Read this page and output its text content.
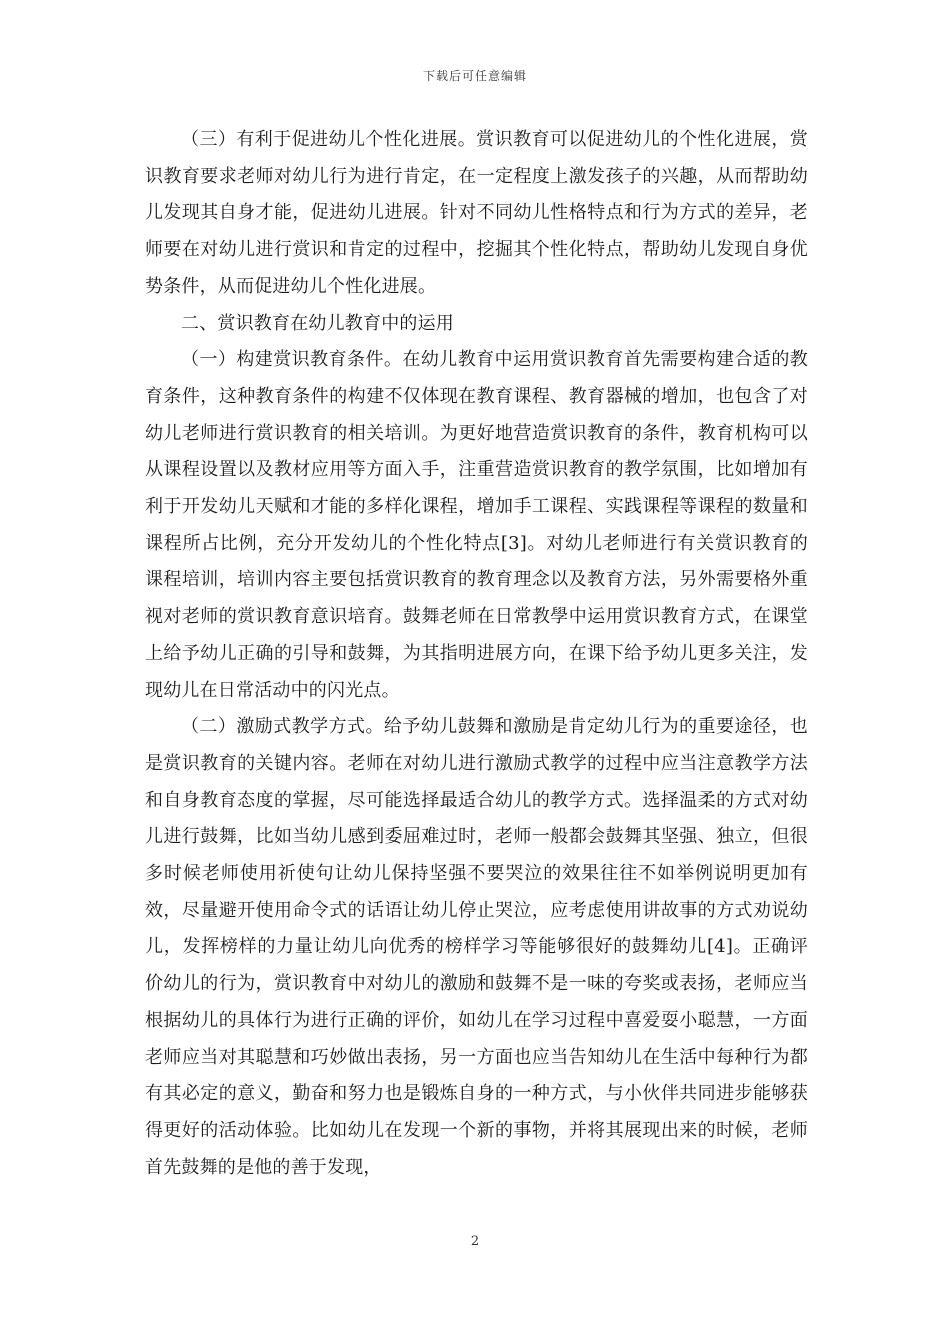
下载后可任意编辑

（三）有利于促进幼儿个性化进展。赏识教育可以促进幼儿的个性化进展，赏识教育要求老师对幼儿行为进行肯定，在一定程度上激发孩子的兴趣，从而帮助幼儿发现其自身才能，促进幼儿进展。针对不同幼儿性格特点和行为方式的差异，老师要在对幼儿进行赏识和肯定的过程中，挖掘其个性化特点，帮助幼儿发现自身优势条件，从而促进幼儿个性化进展。

二、赏识教育在幼儿教育中的运用

（一）构建赏识教育条件。在幼儿教育中运用赏识教育首先需要构建合适的教育条件，这种教育条件的构建不仅体现在教育课程、教育器械的增加，也包含了对幼儿老师进行赏识教育的相关培训。为更好地营造赏识教育的条件，教育机构可以从课程设置以及教材应用等方面入手，注重营造赏识教育的教学氛围，比如增加有利于开发幼儿天赋和才能的多样化课程，增加手工课程、实践课程等课程的数量和课程所占比例，充分开发幼儿的个性化特点[3]。对幼儿老师进行有关赏识教育的课程培训，培训内容主要包括赏识教育的教育理念以及教育方法，另外需要格外重视对老师的赏识教育意识培育。鼓舞老师在日常教學中运用赏识教育方式，在课堂上给予幼儿正确的引导和鼓舞，为其指明进展方向，在课下给予幼儿更多关注，发现幼儿在日常活动中的闪光点。

（二）激励式教学方式。给予幼儿鼓舞和激励是肯定幼儿行为的重要途径，也是赏识教育的关键内容。老师在对幼儿进行激励式教学的过程中应当注意教学方法和自身教育态度的掌握，尽可能选择最适合幼儿的教学方式。选择温柔的方式对幼儿进行鼓舞，比如当幼儿感到委屈难过时，老师一般都会鼓舞其坚强、独立，但很多时候老师使用祈使句让幼儿保持坚强不要哭泣的效果往往不如举例说明更加有效，尽量避开使用命令式的话语让幼儿停止哭泣，应考虑使用讲故事的方式劝说幼儿，发挥榜样的力量让幼儿向优秀的榜样学习等能够很好的鼓舞幼儿[4]。正确评价幼儿的行为，赏识教育中对幼儿的激励和鼓舞不是一味的夸奖或表扬，老师应当根据幼儿的具体行为进行正确的评价，如幼儿在学习过程中喜爱耍小聪慧，一方面老师应当对其聪慧和巧妙做出表扬，另一方面也应当告知幼儿在生活中每种行为都有其必定的意义，勤奋和努力也是锻炼自身的一种方式，与小伙伴共同进步能够获得更好的活动体验。比如幼儿在发现一个新的事物，并将其展现出来的时候，老师首先鼓舞的是他的善于发现，

2
